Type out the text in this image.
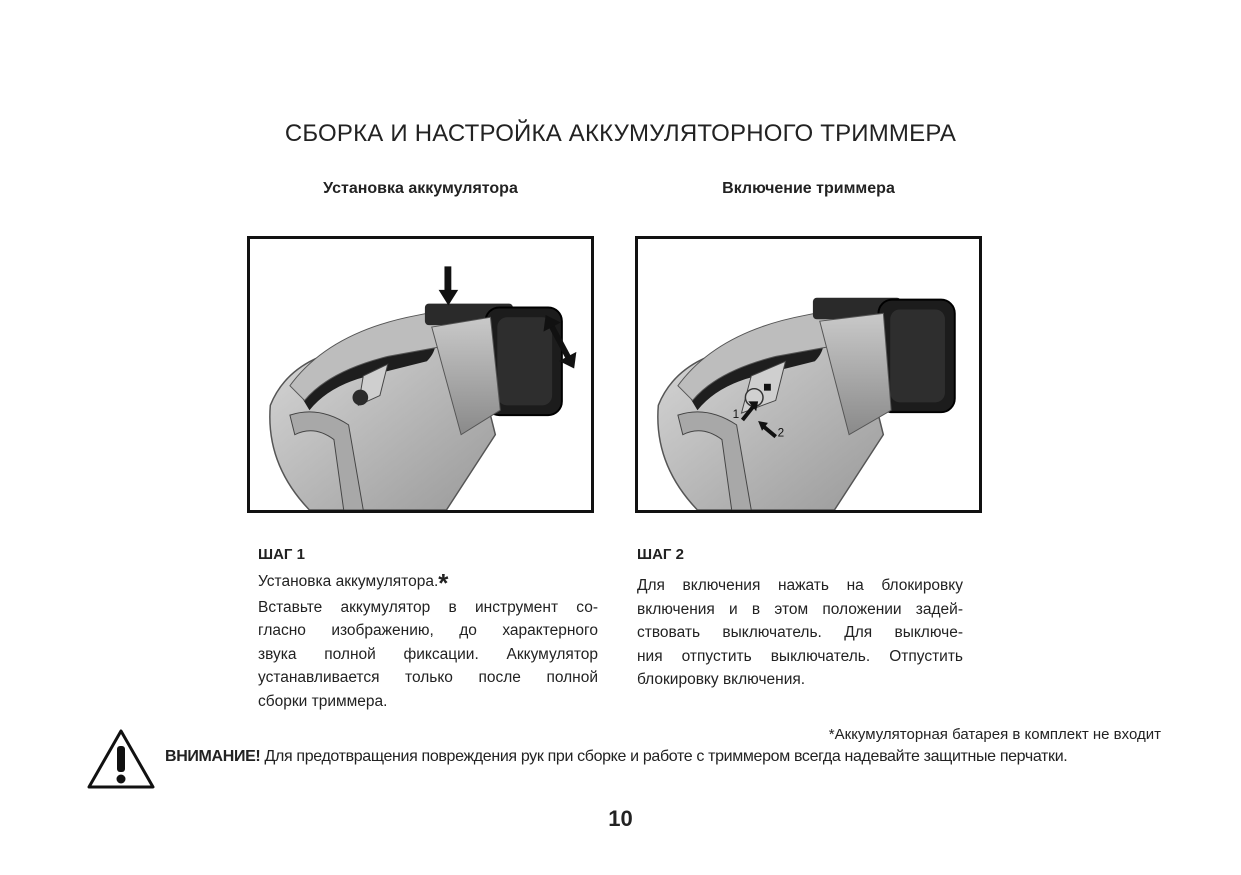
СБОРКА И НАСТРОЙКА АККУМУЛЯТОРНОГО ТРИММЕРА
Установка аккумулятора
ШАГ 1
Установка аккумулятора.*
Вставьте аккумулятор в инструмент со-
гласно изображению, до характерного
звука полной фиксации. Аккумулятор
устанавливается только после полной
сборки триммера.
Включение триммера
1
2
ШАГ 2
Для включения нажать на блокировку
включения и в этом положении задей-
ствовать выключатель. Для выключе-
ния отпустить выключатель. Отпустить
блокировку включения.
*Аккумуляторная батарея в комплект не входит
ВНИМАНИЕ! Для предотвращения повреждения рук при сборке и работе с триммером всегда надевайте защитные перчатки.
10
